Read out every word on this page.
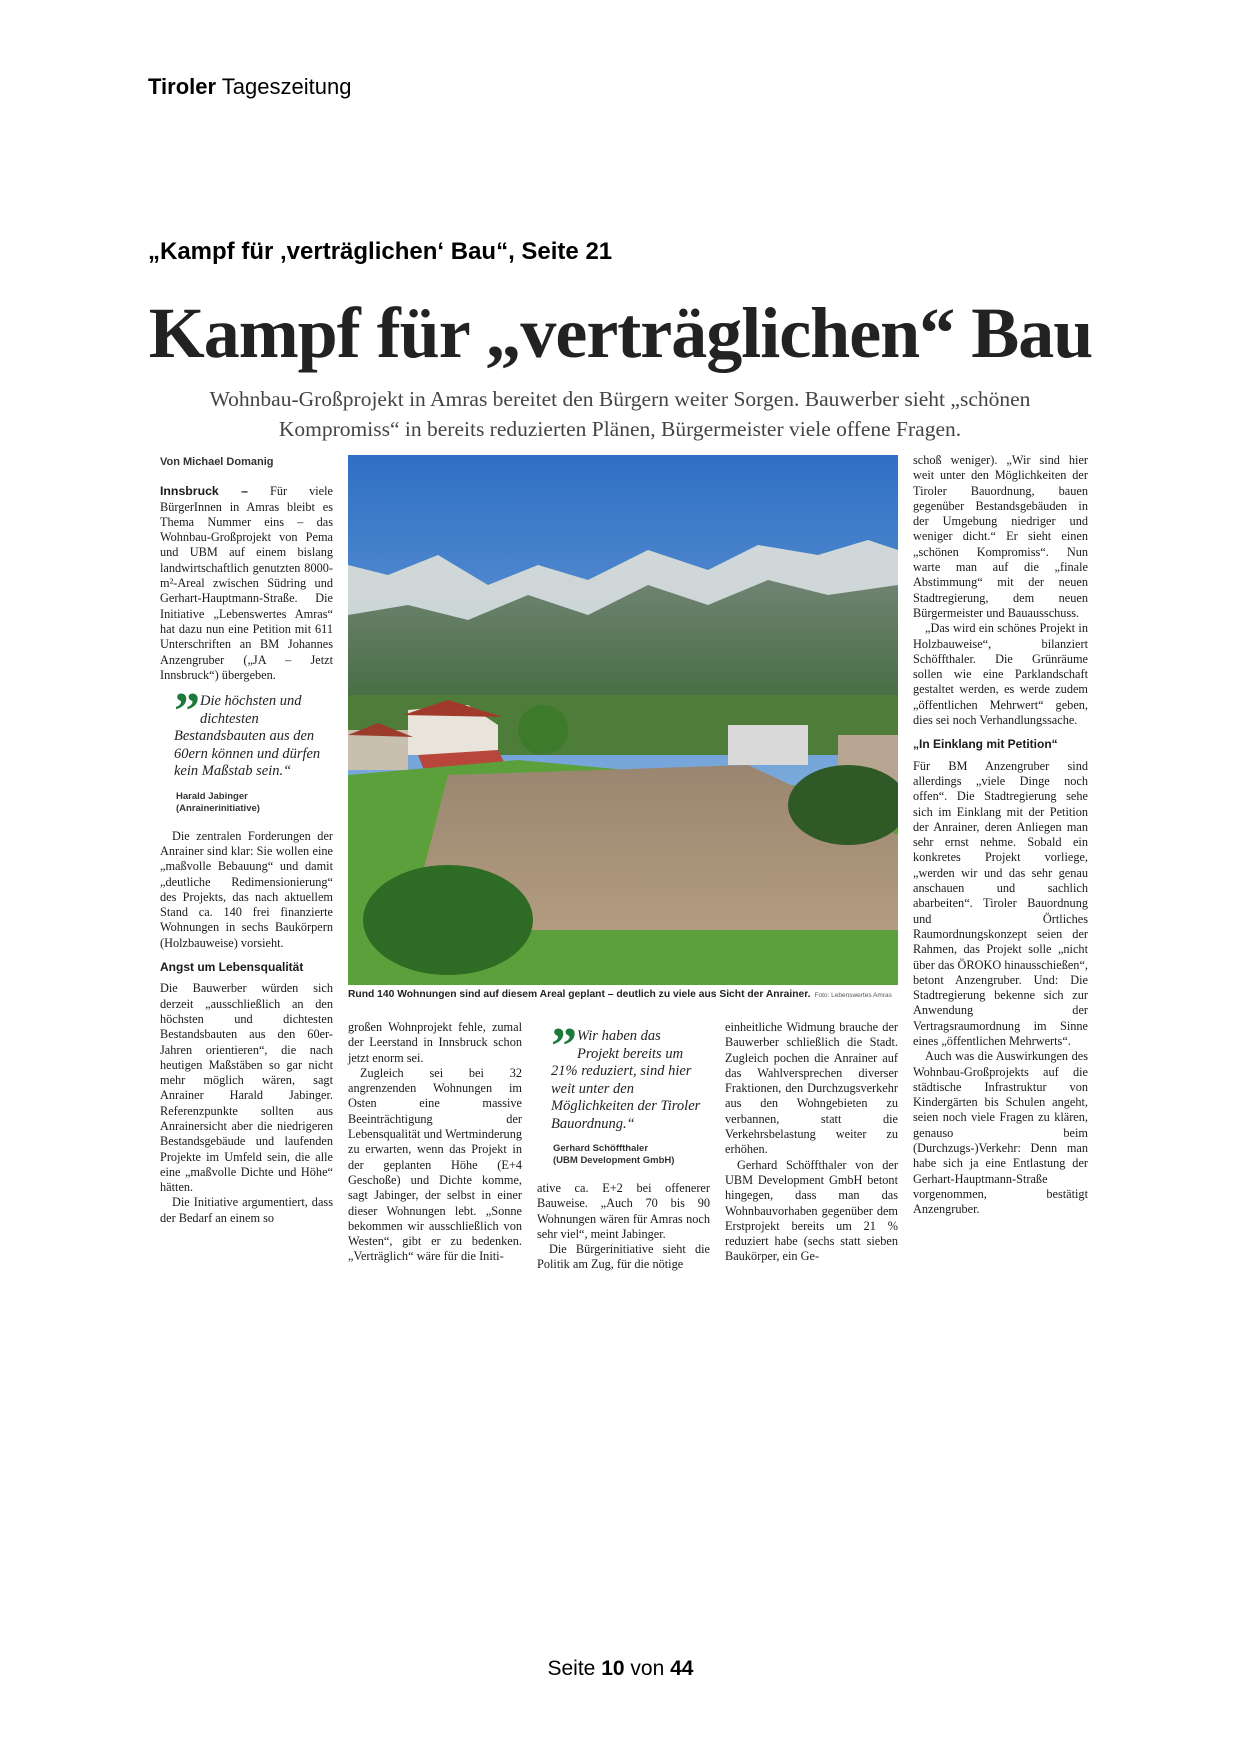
Tiroler Tageszeitung
„Kampf für ‚verträglichen‘ Bau“, Seite 21
Kampf für „verträglichen“ Bau
Wohnbau-Großprojekt in Amras bereitet den Bürgern weiter Sorgen. Bauwerber sieht „schönen Kompromiss“ in bereits reduzierten Plänen, Bürgermeister viele offene Fragen.
Von Michael Domanig

Innsbruck – Für viele BürgerInnen in Amras bleibt es Thema Nummer eins – das Wohnbau-Großprojekt von Pema und UBM auf einem bislang landwirtschaftlich genutzten 8000-m²-Areal zwischen Südring und Gerhart-Hauptmann-Straße. Die Initiative „Lebenswertes Amras“ hat dazu nun eine Petition mit 611 Unterschriften an BM Johannes Anzengruber („JA – Jetzt Innsbruck“) übergeben.

” Die höchsten und dichtesten Bestandsbauten aus den 60ern können und dürfen kein Maßstab sein.“
Harald Jabinger
(Anrainerinitiative)

Die zentralen Forderungen der Anrainer sind klar: Sie wollen eine „maßvolle Bebauung“ und damit „deutliche Redimensionierung“ des Projekts, das nach aktuellem Stand ca. 140 frei finanzierte Wohnungen in sechs Baukörpern (Holzbauweise) vorsieht.

Angst um Lebensqualität

Die Bauwerber würden sich derzeit „ausschließlich an den höchsten und dichtesten Bestandsbauten aus den 60er-Jahren orientieren“, die nach heutigen Maßstäben so gar nicht mehr möglich wären, sagt Anrainer Harald Jabinger. Referenzpunkte sollten aus Anrainersicht aber die niedrigeren Bestandsgebäude und laufenden Projekte im Umfeld sein, die alle eine „maßvolle Dichte und Höhe“ hätten.

Die Initiative argumentiert, dass der Bedarf an einem so

Rund 140 Wohnungen sind auf diesem Areal geplant – deutlich zu viele aus Sicht der Anrainer. Foto: Lebenswertes Amras

großen Wohnprojekt fehle, zumal der Leerstand in Innsbruck schon jetzt enorm sei.

Zugleich sei bei 32 angrenzenden Wohnungen im Osten eine massive Beeinträchtigung der Lebensqualität und Wertminderung zu erwarten, wenn das Projekt in der geplanten Höhe (E+4 Geschoße) und Dichte komme, sagt Jabinger, der selbst in einer dieser Wohnungen lebt. „Sonne bekommen wir ausschließlich von Westen“, gibt er zu bedenken. „Verträglich“ wäre für die Initi-

” Wir haben das Projekt bereits um 21% reduziert, sind hier weit unter den Möglichkeiten der Tiroler Bauordnung.“
Gerhard Schöffthaler
(UBM Development GmbH)

ative ca. E+2 bei offenerer Bauweise. „Auch 70 bis 90 Wohnungen wären für Amras noch sehr viel“, meint Jabinger.

Die Bürgerinitiative sieht die Politik am Zug, für die nötige

einheitliche Widmung brauche der Bauwerber schließlich die Stadt. Zugleich pochen die Anrainer auf das Wahlversprechen diverser Fraktionen, den Durchzugsverkehr aus den Wohngebieten zu verbannen, statt die Verkehrsbelastung weiter zu erhöhen.

Gerhard Schöffthaler von der UBM Development GmbH betont hingegen, dass man das Wohnbauvorhaben gegenüber dem Erstprojekt bereits um 21 % reduziert habe (sechs statt sieben Baukörper, ein Ge-

schoß weniger). „Wir sind hier weit unter den Möglichkeiten der Tiroler Bauordnung, bauen gegenüber Bestandsgebäuden in der Umgebung niedriger und weniger dicht.“ Er sieht einen „schönen Kompromiss“. Nun warte man auf die „finale Abstimmung“ mit der neuen Stadtregierung, dem neuen Bürgermeister und Bauausschuss.

„Das wird ein schönes Projekt in Holzbauweise“, bilanziert Schöffthaler. Die Grünräume sollen wie eine Parklandschaft gestaltet werden, es werde zudem „öffentlichen Mehrwert“ geben, dies sei noch Verhandlungssache.

„In Einklang mit Petition“

Für BM Anzengruber sind allerdings „viele Dinge noch offen“. Die Stadtregierung sehe sich im Einklang mit der Petition der Anrainer, deren Anliegen man sehr ernst nehme. Sobald ein konkretes Projekt vorliege, „werden wir und das sehr genau anschauen und sachlich abarbeiten“. Tiroler Bauordnung und Örtliches Raumordnungskonzept seien der Rahmen, das Projekt solle „nicht über das ÖROKO hinausschießen“, betont Anzengruber. Und: Die Stadtregierung bekenne sich zur Anwendung der Vertragsraumordnung im Sinne eines „öffentlichen Mehrwerts“.

Auch was die Auswirkungen des Wohnbau-Großprojekts auf die städtische Infrastruktur von Kindergärten bis Schulen angeht, seien noch viele Fragen zu klären, genauso beim (Durchzugs-)Verkehr: Denn man habe sich ja eine Entlastung der Gerhart-Hauptmann-Straße vorgenommen, bestätigt Anzengruber.

Seite 10 von 44
